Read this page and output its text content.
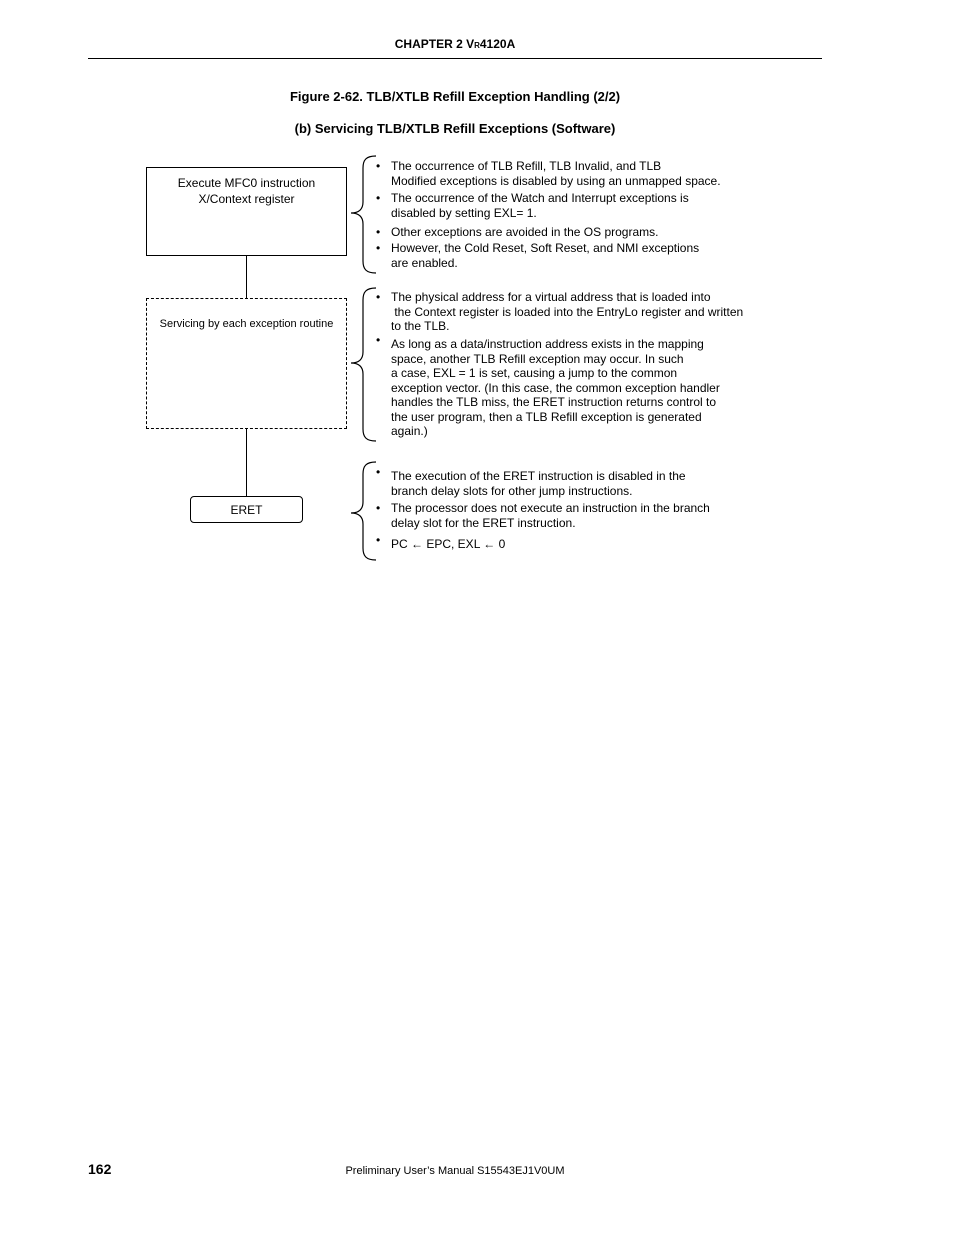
CHAPTER 2 VR4120A
Figure 2-62. TLB/XTLB Refill Exception Handling (2/2)
(b) Servicing TLB/XTLB Refill Exceptions (Software)
Execute MFC0 instruction
X/Context register
Servicing by each exception routine
ERET
• The occurrence of TLB Refill, TLB Invalid, and TLB
Modified exceptions is disabled by using an unmapped space.
• The occurrence of the Watch and Interrupt exceptions is
disabled by setting EXL= 1.
• Other exceptions are avoided in the OS programs.
• However, the Cold Reset, Soft Reset, and NMI exceptions
are enabled.
• The physical address for a virtual address that is loaded into
the Context register is loaded into the EntryLo register and written
to the TLB.
• As long as a data/instruction address exists in the mapping
space, another TLB Refill exception may occur. In such
a case, EXL = 1 is set, causing a jump to the common
exception vector. (In this case, the common exception handler
handles the TLB miss, the ERET instruction returns control to
the user program, then a TLB Refill exception is generated
again.)
• The execution of the ERET instruction is disabled in the
branch delay slots for other jump instructions.
• The processor does not execute an instruction in the branch
delay slot for the ERET instruction.
• PC ← EPC, EXL ← 0
162	Preliminary User’s Manual S15543EJ1V0UM
